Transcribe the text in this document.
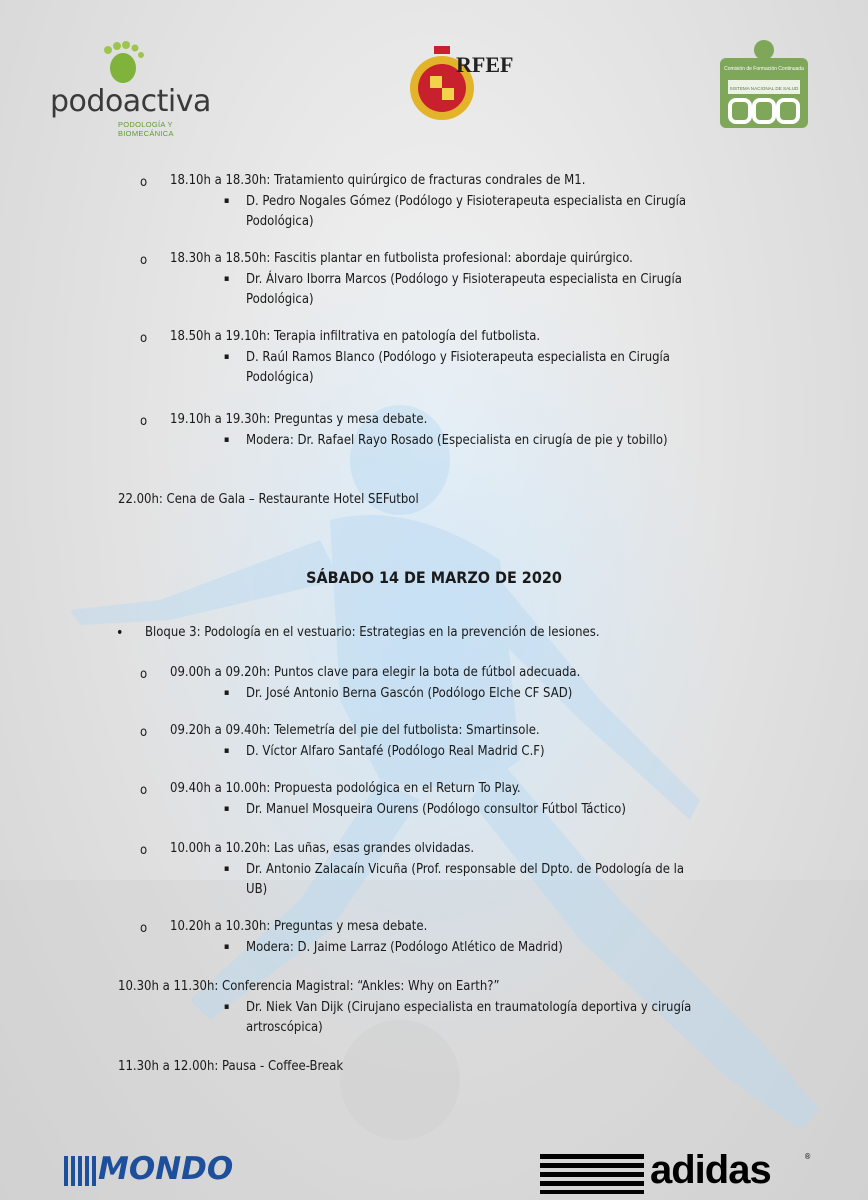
podoactiva
PODOLOGÍA Y BIOMECÁNICA
RFEF	Comisión de Formación Continuada
SISTEMA NACIONAL DE SALUD
o 18.10h a 18.30h: Tratamiento quirúrgico de fracturas condrales de M1.
▪ D. Pedro Nogales Gómez (Podólogo y Fisioterapeuta especialista en Cirugía
Podológica)
o 18.30h a 18.50h: Fascitis plantar en futbolista profesional: abordaje quirúrgico.
▪ Dr. Álvaro Iborra Marcos (Podólogo y Fisioterapeuta especialista en Cirugía
Podológica)
o 18.50h a 19.10h: Terapia infiltrativa en patología del futbolista.
▪ D. Raúl Ramos Blanco (Podólogo y Fisioterapeuta especialista en Cirugía
Podológica)
o 19.10h a 19.30h: Preguntas y mesa debate.
▪ Modera: Dr. Rafael Rayo Rosado (Especialista en cirugía de pie y tobillo)
22.00h: Cena de Gala – Restaurante Hotel SEFutbol
SÁBADO 14 DE MARZO DE 2020
• Bloque 3: Podología en el vestuario: Estrategias en la prevención de lesiones.
o 09.00h a 09.20h: Puntos clave para elegir la bota de fútbol adecuada.
▪ Dr. José Antonio Berna Gascón (Podólogo Elche CF SAD)
o 09.20h a 09.40h: Telemetría del pie del futbolista: Smartinsole.
▪ D. Víctor Alfaro Santafé (Podólogo Real Madrid C.F)
o 09.40h a 10.00h: Propuesta podológica en el Return To Play.
▪ Dr. Manuel Mosqueira Ourens (Podólogo consultor Fútbol Táctico)
o 10.00h a 10.20h: Las uñas, esas grandes olvidadas.
▪ Dr. Antonio Zalacaín Vicuña (Prof. responsable del Dpto. de Podología de la
UB)
o 10.20h a 10.30h: Preguntas y mesa debate.
▪ Modera: D. Jaime Larraz (Podólogo Atlético de Madrid)
10.30h a 11.30h: Conferencia Magistral: “Ankles: Why on Earth?”
▪ Dr. Niek Van Dijk (Cirujano especialista en traumatología deportiva y cirugía
artroscópica)
11.30h a 12.00h: Pausa - Coffee-Break
MONDO	adidas	®
